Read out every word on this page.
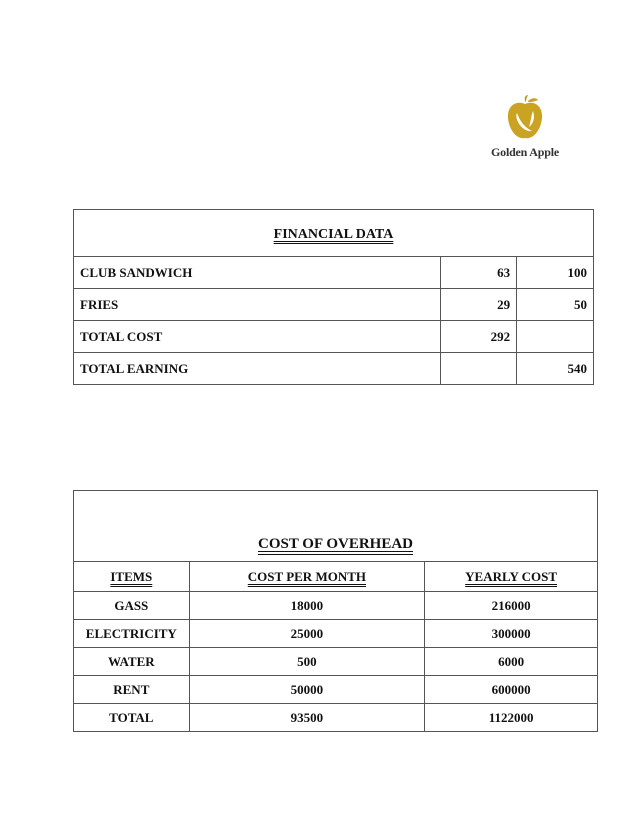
Golden Apple
FINANCIAL DATA		
CLUB SANDWICH	63	100
FRIES	29	50
TOTAL COST	292	
TOTAL EARNING		540
COST OF OVERHEAD		
ITEMS	COST PER MONTH	YEARLY COST
GASS	18000	216000
ELECTRICITY	25000	300000
WATER	500	6000
RENT	50000	600000
TOTAL	93500	1122000
